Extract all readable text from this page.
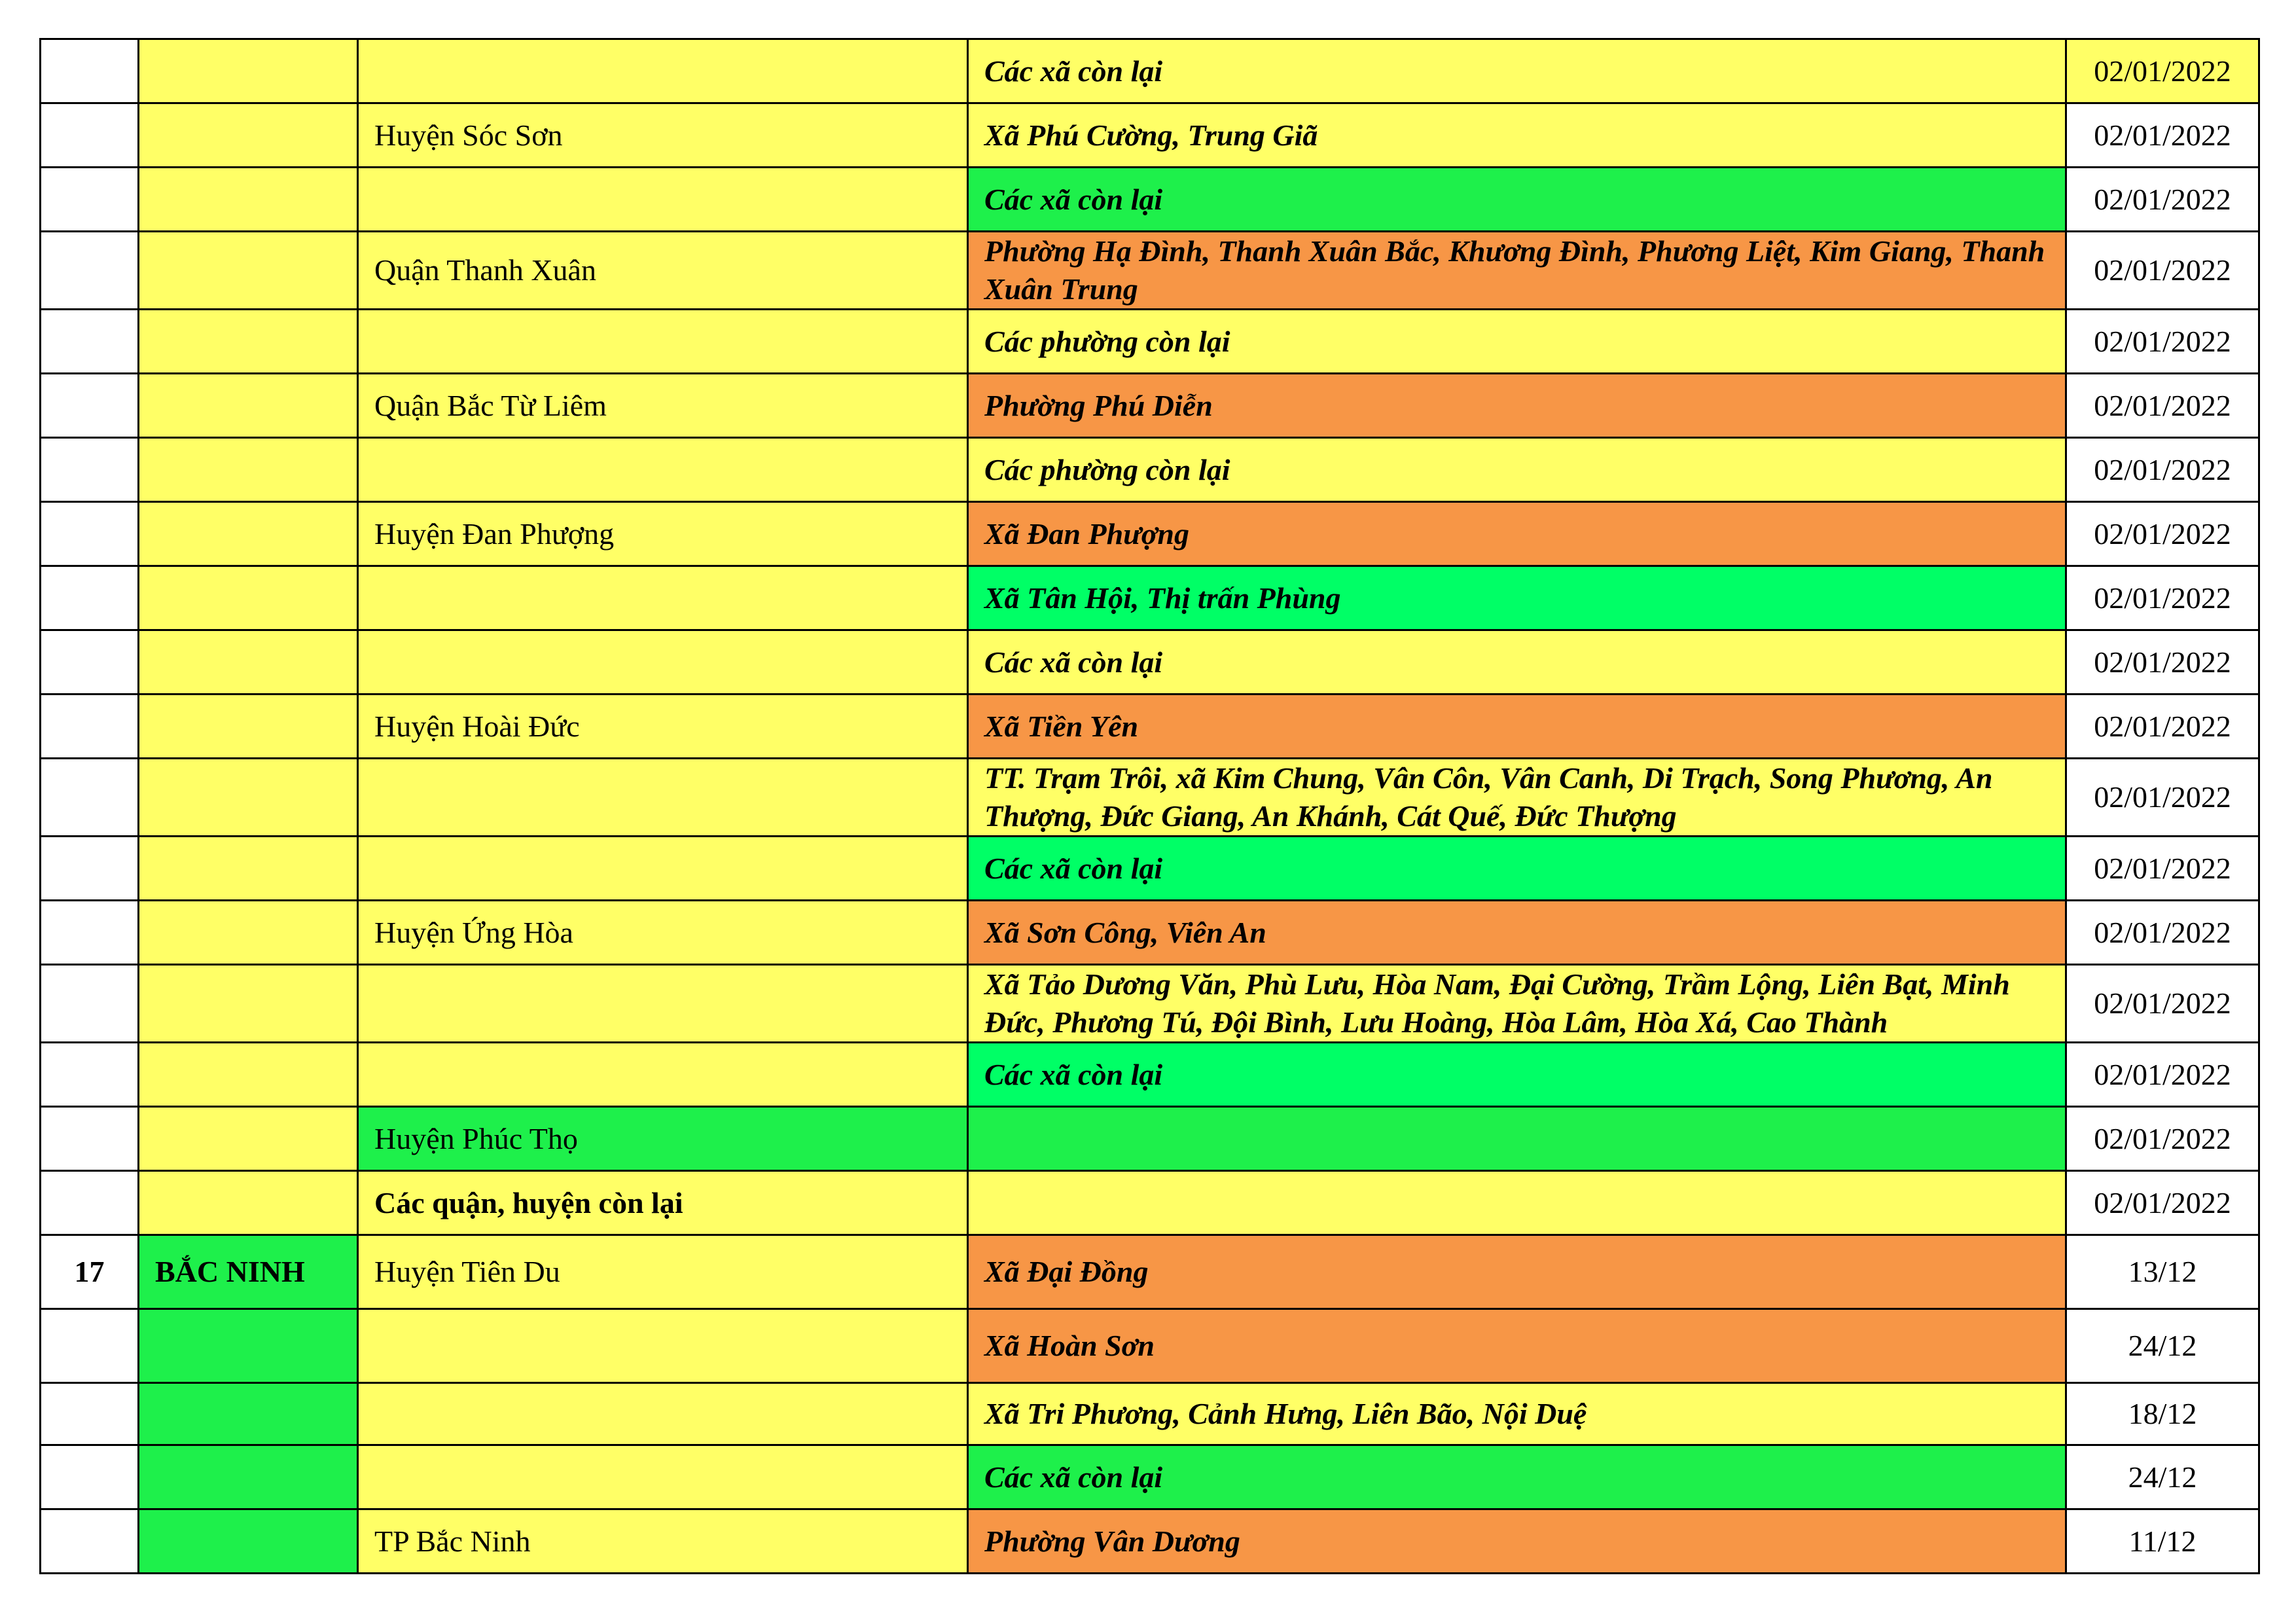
			Các xã còn lại	02/01/2022
		Huyện Sóc Sơn	Xã Phú Cường, Trung Giã	02/01/2022
			Các xã còn lại	02/01/2022
		Quận Thanh Xuân	Phường Hạ Đình, Thanh Xuân Bắc, Khương Đình, Phương Liệt, Kim Giang, Thanh Xuân Trung	02/01/2022
			Các phường còn lại	02/01/2022
		Quận Bắc Từ Liêm	Phường Phú Diễn	02/01/2022
			Các phường còn lại	02/01/2022
		Huyện Đan Phượng	Xã Đan Phượng	02/01/2022
			Xã Tân Hội, Thị trấn Phùng	02/01/2022
			Các xã còn lại	02/01/2022
		Huyện Hoài Đức	Xã Tiền Yên	02/01/2022
			TT. Trạm Trôi, xã Kim Chung, Vân Côn, Vân Canh, Di Trạch, Song Phương, An Thượng, Đức Giang, An Khánh, Cát Quế, Đức Thượng	02/01/2022
			Các xã còn lại	02/01/2022
		Huyện Ứng Hòa	Xã Sơn Công, Viên An	02/01/2022
			Xã Tảo Dương Văn, Phù Lưu, Hòa Nam, Đại Cường, Trầm Lộng, Liên Bạt, Minh Đức, Phương Tú, Đội Bình, Lưu Hoàng, Hòa Lâm, Hòa Xá, Cao Thành	02/01/2022
			Các xã còn lại	02/01/2022
		Huyện Phúc Thọ		02/01/2022
		Các quận, huyện còn lại		02/01/2022
17	BẮC NINH	Huyện Tiên Du	Xã Đại Đồng	13/12
			Xã Hoàn Sơn	24/12
			Xã Tri Phương, Cảnh Hưng, Liên Bão, Nội Duệ	18/12
			Các xã còn lại	24/12
		TP Bắc Ninh	Phường Vân Dương	11/12
